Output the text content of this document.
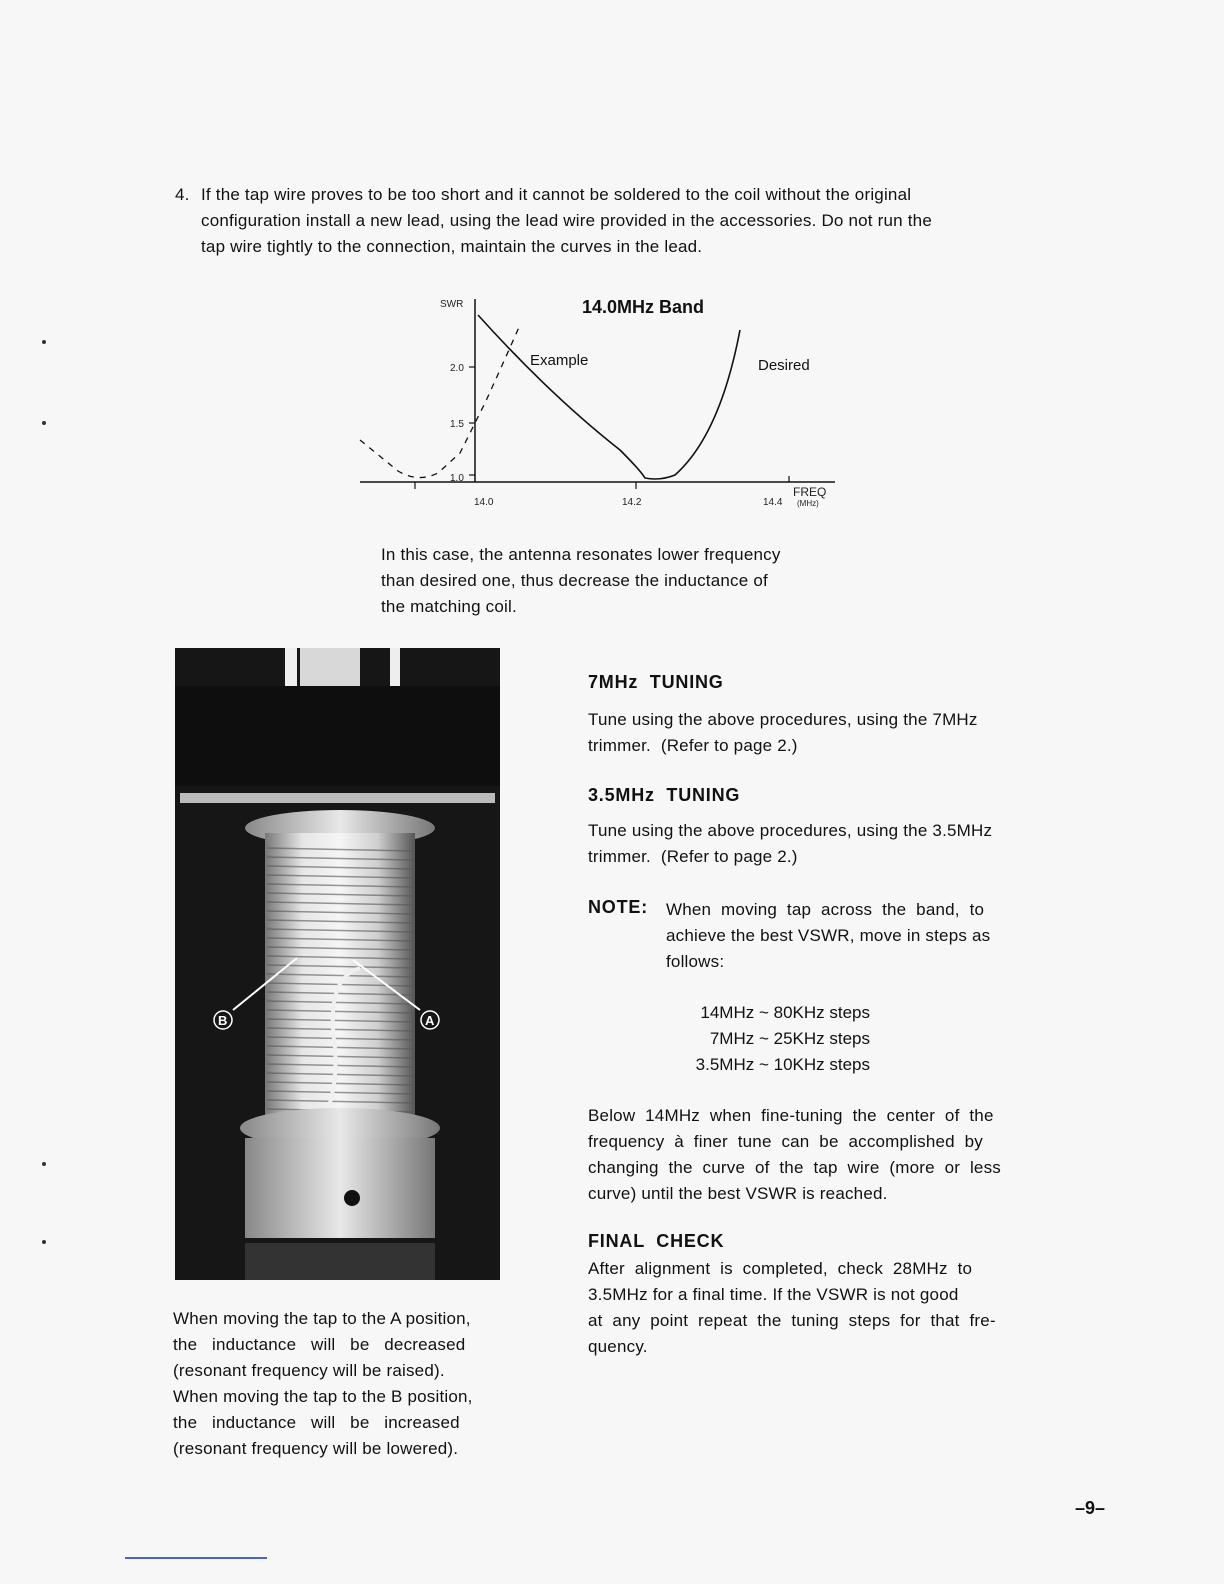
4. If the tap wire proves to be too short and it cannot be soldered to the coil without the original
configuration install a new lead, using the lead wire provided in the accessories. Do not run the
tap wire tightly to the connection, maintain the curves in the lead.
SWR	14.0MHz Band
2.0
1.5
1.0
14.0	14.2	14.4
FREQ
(MHz)
Example	Desired
In this case, the antenna resonates lower frequency
than desired one, thus decrease the inductance of
the matching coil.
B	A
When moving the tap to the A position,
the   inductance   will   be   decreased
(resonant frequency will be raised).
When moving the tap to the B position,
the   inductance   will   be   increased
(resonant frequency will be lowered).
7MHz  TUNING
Tune using the above procedures, using the 7MHz
trimmer.  (Refer to page 2.)
3.5MHz  TUNING
Tune using the above procedures, using the 3.5MHz
trimmer.  (Refer to page 2.)
NOTE: When  moving  tap  across  the  band,  to
achieve the best VSWR, move in steps as
follows:
14MHz ~ 80KHz steps
7MHz ~ 25KHz steps
3.5MHz ~ 10KHz steps
Below  14MHz  when  fine-tuning  the  center  of  the
frequency  à  finer  tune  can  be  accomplished  by
changing  the  curve  of  the  tap  wire  (more  or  less
curve) until the best VSWR is reached.
FINAL  CHECK
After  alignment  is  completed,  check  28MHz  to
3.5MHz for a final time. If the VSWR is not good
at  any  point  repeat  the  tuning  steps  for  that  fre-
quency.
–9–
